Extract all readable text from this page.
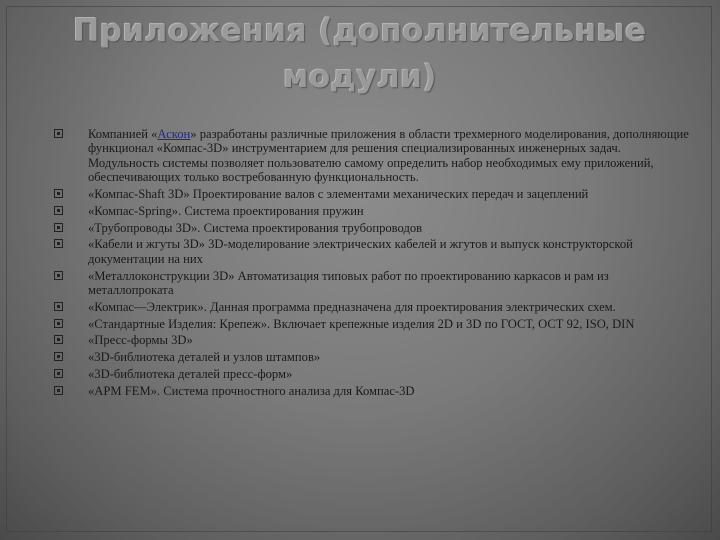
Приложения (дополнительные
модули)
Компанией «Аскон» разработаны различные приложения в области трехмерного моделирования, дополняющие функционал «Компас-3D» инструментарием для решения специализированных инженерных задач. Модульность системы позволяет пользователю самому определить набор необходимых ему приложений, обеспечивающих только востребованную функциональность.
«Компас-Shaft 3D» Проектирование валов с элементами механических передач и зацеплений
«Компас-Spring». Система проектирования пружин
«Трубопроводы 3D». Система проектирования трубопроводов
«Кабели и жгуты 3D» 3D-моделирование электрических кабелей и жгутов и выпуск конструкторской документации на них
«Металлоконструкции 3D» Автоматизация типовых работ по проектированию каркасов и рам из металлопроката
«Компас—Электрик». Данная программа предназначена для проектирования электрических схем.
«Стандартные Изделия: Крепеж». Включает крепежные изделия 2D и 3D по ГОСТ, ОСТ 92, ISO, DIN
«Пресс-формы 3D»
«3D-библиотека деталей и узлов штампов»
«3D-библиотека деталей пресс-форм»
«APM FEM». Система прочностного анализа для Компас-3D
